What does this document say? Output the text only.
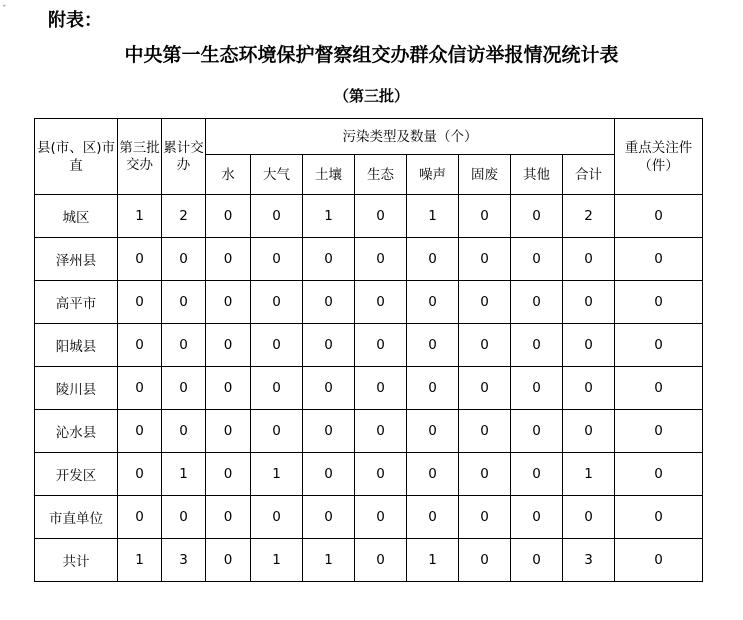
ˇ 附表：
中央第一生态环境保护督察组交办群众信访举报情况统计表
（第三批）
县(市、区)市直	第三批交办	累计交办	污染类型及数量（个）								重点关注件（件）
			水	大气	土壤	生态	噪声	固废	其他	合计	
城区	1	2	0	0	1	0	1	0	0	2	0
泽州县	0	0	0	0	0	0	0	0	0	0	0
高平市	0	0	0	0	0	0	0	0	0	0	0
阳城县	0	0	0	0	0	0	0	0	0	0	0
陵川县	0	0	0	0	0	0	0	0	0	0	0
沁水县	0	0	0	0	0	0	0	0	0	0	0
开发区	0	1	0	1	0	0	0	0	0	1	0
市直单位	0	0	0	0	0	0	0	0	0	0	0
共计	1	3	0	1	1	0	1	0	0	3	0
